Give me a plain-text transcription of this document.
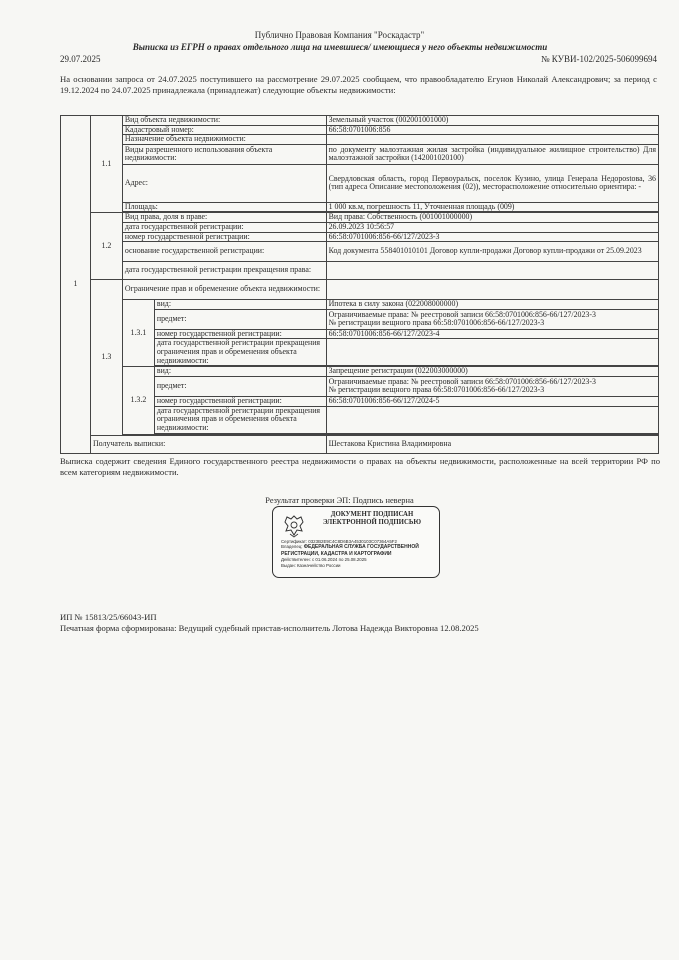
Публично Правовая Компания "Роскадастр"
Выписка из ЕГРН о правах отдельного лица на имевшиеся/ имеющиеся у него объекты недвижимости
29.07.2025	№ КУВИ-102/2025-506099694
На основании запроса от 24.07.2025 поступившего на рассмотрение 29.07.2025 сообщаем, что правообладателю Егунов Николай Александрович; за период с 19.12.2024 по 24.07.2025 принадлежала (принадлежат) следующие объекты недвижимости:
1	1.1	Вид объекта недвижимости:		Земельный участок (002001001000)
		Кадастровый номер:		66:58:0701006:856
		Назначение объекта недвижимости:		
		Виды разрешенного использования объекта недвижимости:		по документу малоэтажная жилая застройка (индивидуальное жилищное строительство) Для малоэтажной застройки (142001020100)
		Адрес:		Свердловская область, город Первоуральск, поселок Кузино, улица Генерала Недорostова, 36 (тип адреса Описание местоположения (02)), месторасположение относительно ориентира: -
		Площадь:		1 000 кв.м, погрешность 11, Уточненная площадь (009)

	1.2	Вид права, доля в праве:		Вид права: Собственность (001001000000)
		дата государственной регистрации:		26.09.2023 10:56:57
		номер государственной регистрации:		66:58:0701006:856-66/127/2023-3
		основание государственной регистрации:		Код документа 558401010101 Договор купли-продажи Договор купли-продажи от 25.09.2023
		дата государственной регистрации прекращения права:		
	1.3	Ограничение прав и обременение объекта недвижимости:		
		1.3.1	вид:	Ипотека в силу закона (022008000000)
			предмет:	Ограничиваемые права: № реестровой записи 66:58:0701006:856-66/127/2023-3
№ регистрации вещного права 66:58:0701006:856-66/127/2023-3

			номер государственной регистрации:	66:58:0701006:856-66/127/2023-4
			дата государственной регистрации прекращения ограничения прав и обременения объекта недвижимости:	

		1.3.2	вид:	Запрещение регистрации (022003000000)
			предмет:	Ограничиваемые права: № реестровой записи 66:58:0701006:856-66/127/2023-3
№ регистрации вещного права 66:58:0701006:856-66/127/2023-3

			номер государственной регистрации:	66:58:0701006:856-66/127/2024-5
			дата государственной регистрации прекращения ограничения прав и обременения объекта недвижимости:	

	Получатель выписки:			Шестакова Кристина Владимировна
Выписка содержит сведения Единого государственного реестра недвижимости о правах на объекты недвижимости, расположенные на всей территории РФ по всем категориям недвижимости.
Результат проверки ЭП: Подпись неверна
ДОКУМЕНТ ПОДПИСАН
ЭЛЕКТРОННОЙ ПОДПИСЬЮ
Сертификат: 0323B2E9C4C8D6B3A4530103C07364A5F2
Владелец: ФЕДЕРАЛЬНАЯ СЛУЖБА ГОСУДАРСТВЕННОЙ РЕГИСТРАЦИИ, КАДАСТРА И КАРТОГРАФИИ
Действителен: с 01.06.2024 по 25.08.2025
Выдан: Казначейство России
ИП № 15813/25/66043-ИП
Печатная форма сформирована: Ведущий судебный пристав-исполнитель Лотова Надежда Викторовна 12.08.2025
